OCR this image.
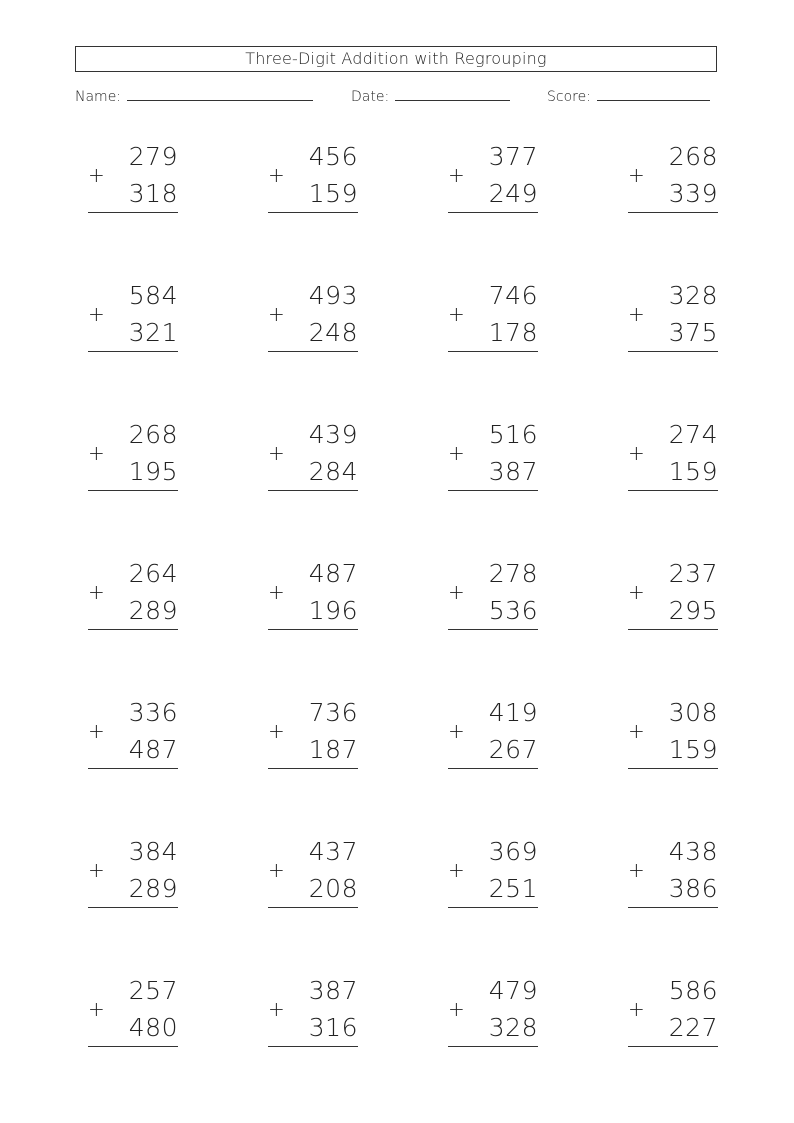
Three-Digit Addition with Regrouping
Name:	Date:	Score:
279
+
318
456
+
159
377
+
249
268
+
339
584
+
321
493
+
248
746
+
178
328
+
375
268
+
195
439
+
284
516
+
387
274
+
159
264
+
289
487
+
196
278
+
536
237
+
295
336
+
487
736
+
187
419
+
267
308
+
159
384
+
289
437
+
208
369
+
251
438
+
386
257
+
480
387
+
316
479
+
328
586
+
227
